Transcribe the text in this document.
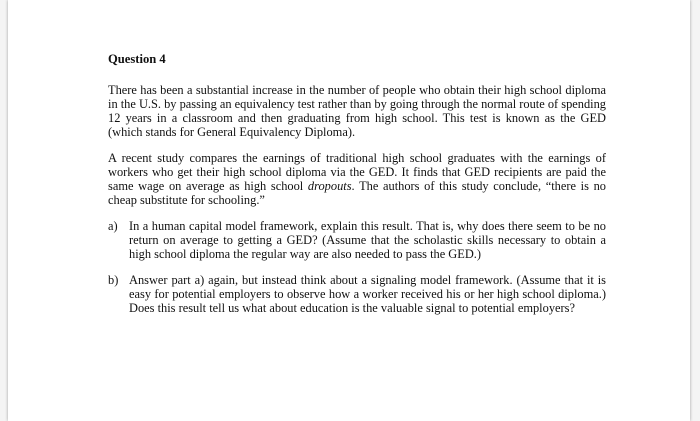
Question 4

There has been a substantial increase in the number of people who obtain their high school diploma in the U.S. by passing an equivalency test rather than by going through the normal route of spending 12 years in a classroom and then graduating from high school. This test is known as the GED (which stands for General Equivalency Diploma).

A recent study compares the earnings of traditional high school graduates with the earnings of workers who get their high school diploma via the GED. It finds that GED recipients are paid the same wage on average as high school dropouts. The authors of this study conclude, “there is no cheap substitute for schooling.”

a) In a human capital model framework, explain this result. That is, why does there seem to be no return on average to getting a GED? (Assume that the scholastic skills necessary to obtain a high school diploma the regular way are also needed to pass the GED.)
b) Answer part a) again, but instead think about a signaling model framework. (Assume that it is easy for potential employers to observe how a worker received his or her high school diploma.) Does this result tell us what about education is the valuable signal to potential employers?
